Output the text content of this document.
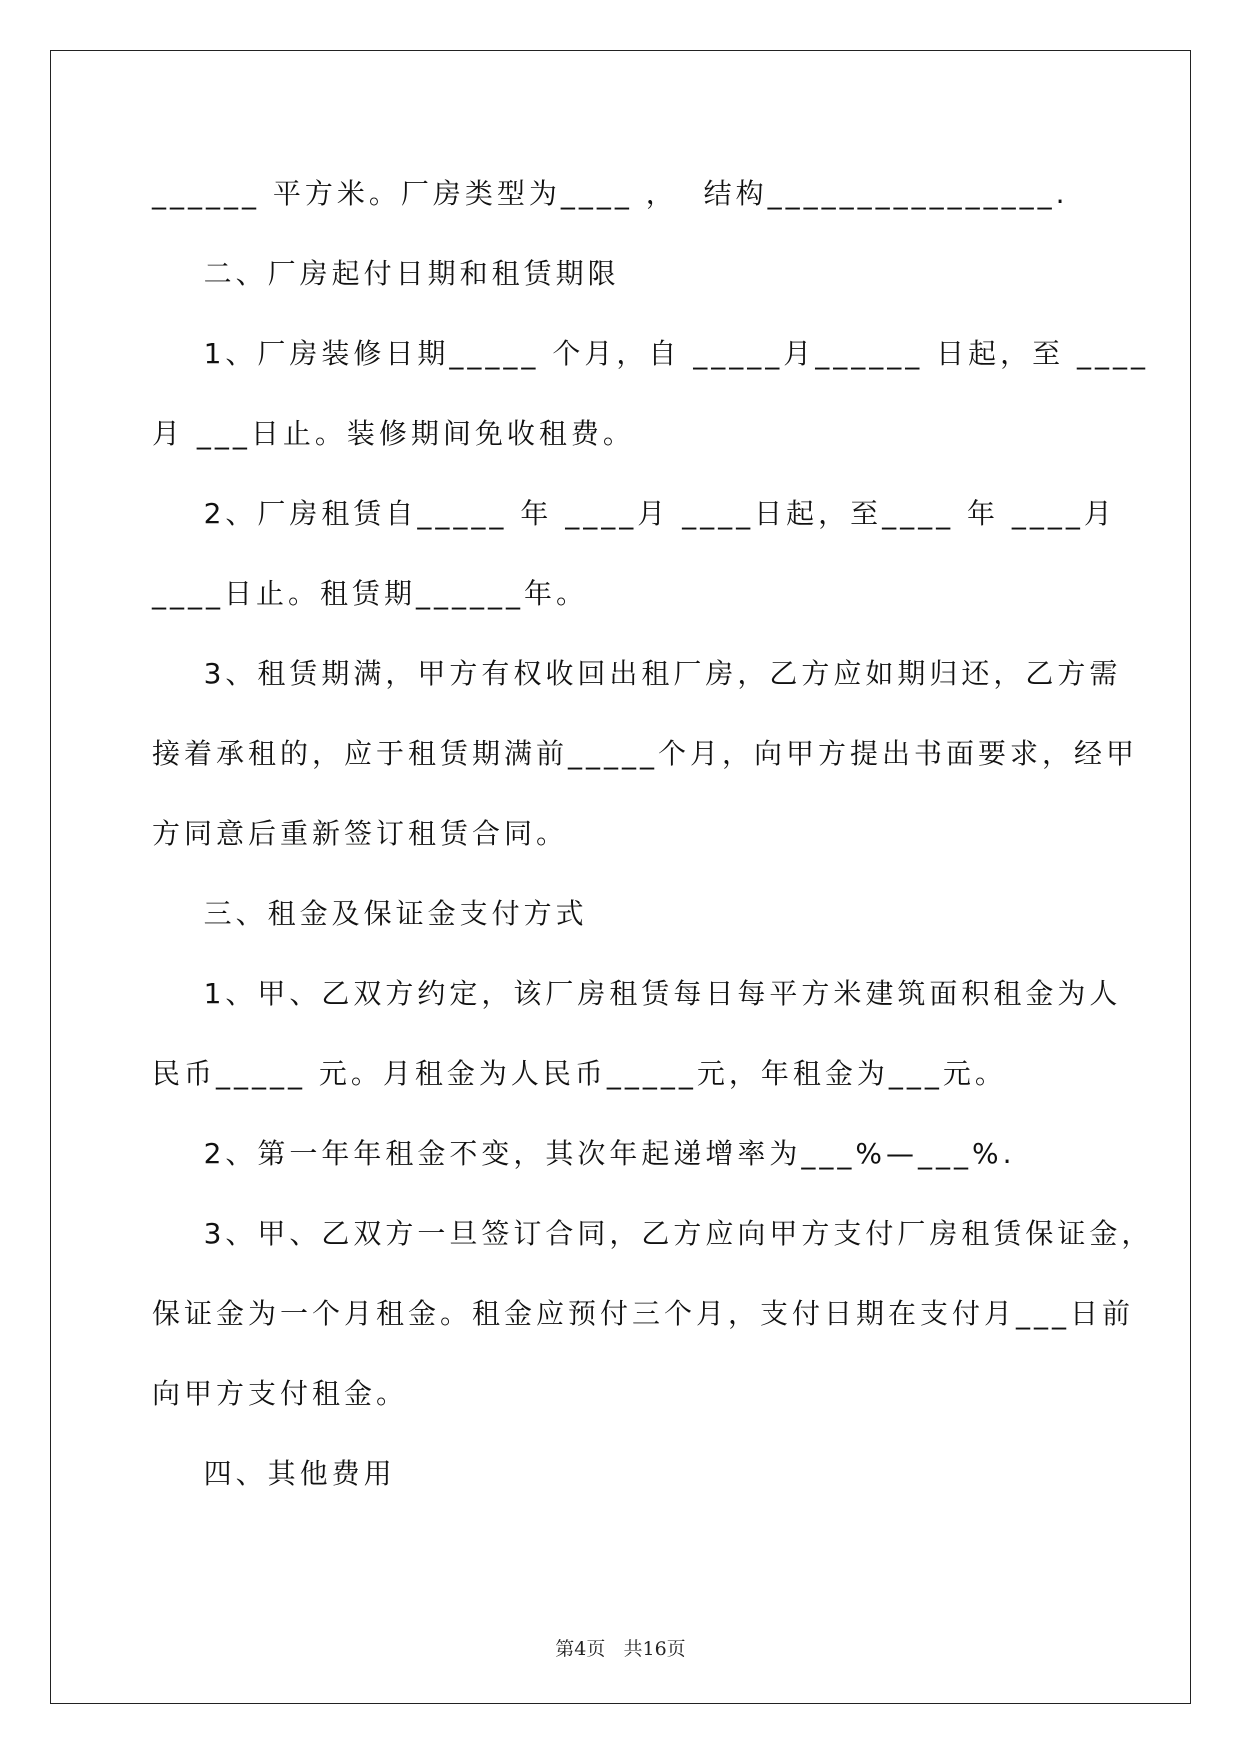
______ 平方米。厂房类型为____ ，  结构________________.
二、厂房起付日期和租赁期限
1、厂房装修日期_____ 个月，自 _____月______ 日起，至 ____
月 ___日止。装修期间免收租费。
2、厂房租赁自_____ 年 ____月 ____日起，至____ 年 ____月
____日止。租赁期______年。
3、租赁期满，甲方有权收回出租厂房，乙方应如期归还，乙方需
接着承租的，应于租赁期满前_____个月，向甲方提出书面要求，经甲
方同意后重新签订租赁合同。
三、租金及保证金支付方式
1、甲、乙双方约定，该厂房租赁每日每平方米建筑面积租金为人
民币_____ 元。月租金为人民币_____元，年租金为___元。
2、第一年年租金不变，其次年起递增率为___%—___%.
3、甲、乙双方一旦签订合同，乙方应向甲方支付厂房租赁保证金，
保证金为一个月租金。租金应预付三个月，支付日期在支付月___日前
向甲方支付租金。
四、其他费用
第4页   共16页
